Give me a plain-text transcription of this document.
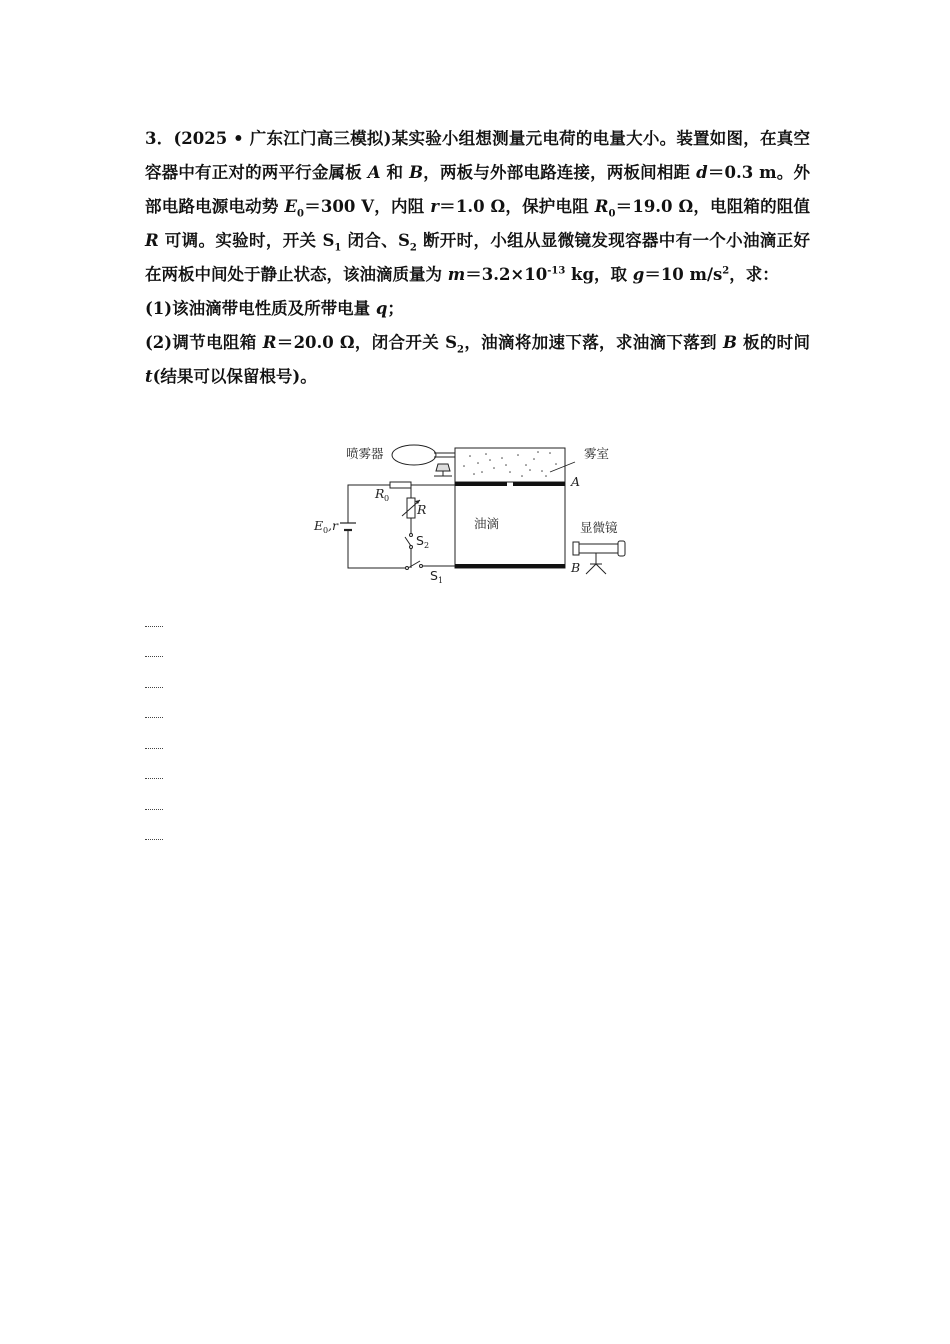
3．(2025 • 广东江门高三模拟)某实验小组想测量元电荷的电量大小。装置如图，在真空容器中有正对的两平行金属板 A 和 B，两板与外部电路连接，两板间相距 d＝0.3 m。外部电路电源电动势 $E_0=300$ V，内阻 r＝1.0 Ω，保护电阻 $R_0=19.0$ Ω，电阻箱的阻值 R 可调。实验时，开关 $S_1$ 闭合、$S_2$ 断开时，小组从显微镜发现容器中有一个小油滴正好在两板中间处于静止状态，该油滴质量为 $m=3.2\times 10^{-13}$ kg，取 g＝10 $m/s^2$，求：

(1)该油滴带电性质及所带电量 q；

(2)调节电阻箱 R＝20.0 Ω，闭合开关 $S_2$，油滴将加速下落，求油滴下落到 B 板的时间 t(结果可以保留根号)。

喷雾器	雾室
油滴	显微镜
A
B
R 0
R
E 0 ,r
S 2
S 1
